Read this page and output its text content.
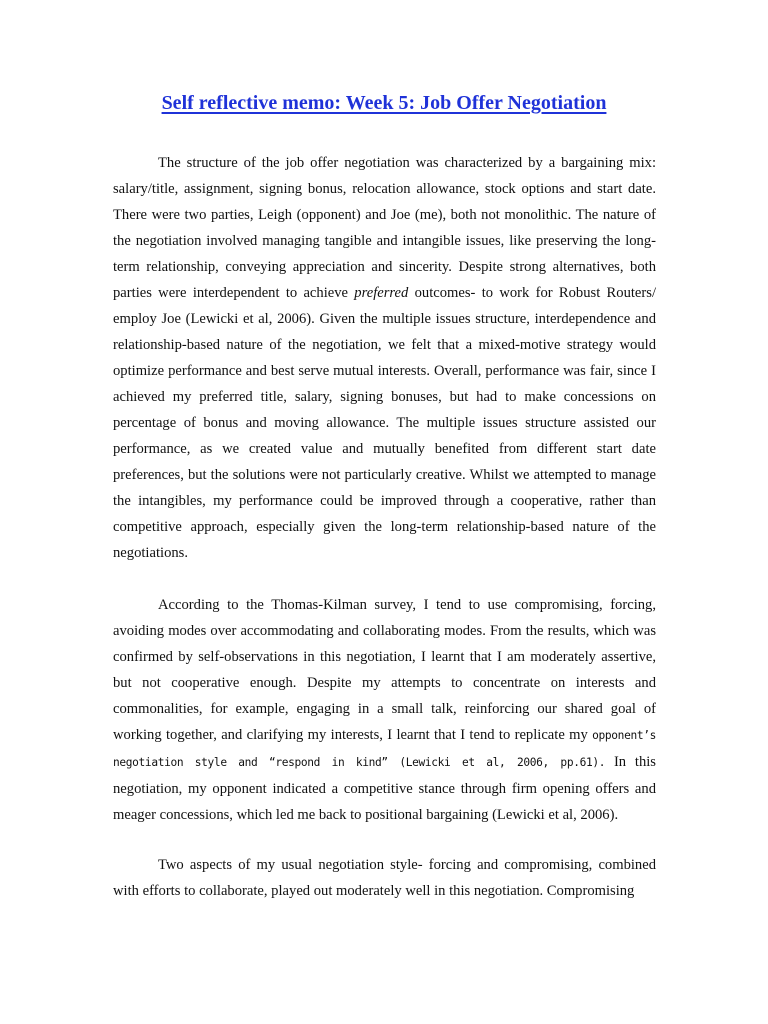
Self reflective memo: Week 5: Job Offer Negotiation

The structure of the job offer negotiation was characterized by a bargaining mix: salary/title, assignment, signing bonus, relocation allowance, stock options and start date. There were two parties, Leigh (opponent) and Joe (me), both not monolithic. The nature of the negotiation involved managing tangible and intangible issues, like preserving the long-term relationship, conveying appreciation and sincerity. Despite strong alternatives, both parties were interdependent to achieve preferred outcomes- to work for Robust Routers/ employ Joe (Lewicki et al, 2006). Given the multiple issues structure, interdependence and relationship-based nature of the negotiation, we felt that a mixed-motive strategy would optimize performance and best serve mutual interests. Overall, performance was fair, since I achieved my preferred title, salary, signing bonuses, but had to make concessions on percentage of bonus and moving allowance. The multiple issues structure assisted our performance, as we created value and mutually benefited from different start date preferences, but the solutions were not particularly creative. Whilst we attempted to manage the intangibles, my performance could be improved through a cooperative, rather than competitive approach, especially given the long-term relationship-based nature of the negotiations.

According to the Thomas-Kilman survey, I tend to use compromising, forcing, avoiding modes over accommodating and collaborating modes. From the results, which was confirmed by self-observations in this negotiation, I learnt that I am moderately assertive, but not cooperative enough. Despite my attempts to concentrate on interests and commonalities, for example, engaging in a small talk, reinforcing our shared goal of working together, and clarifying my interests, I learnt that I tend to replicate my opponent’s negotiation style and “respond in kind” (Lewicki et al, 2006, pp.61). In this negotiation, my opponent indicated a competitive stance through firm opening offers and meager concessions, which led me back to positional bargaining (Lewicki et al, 2006).

Two aspects of my usual negotiation style- forcing and compromising, combined with efforts to collaborate, played out moderately well in this negotiation. Compromising
